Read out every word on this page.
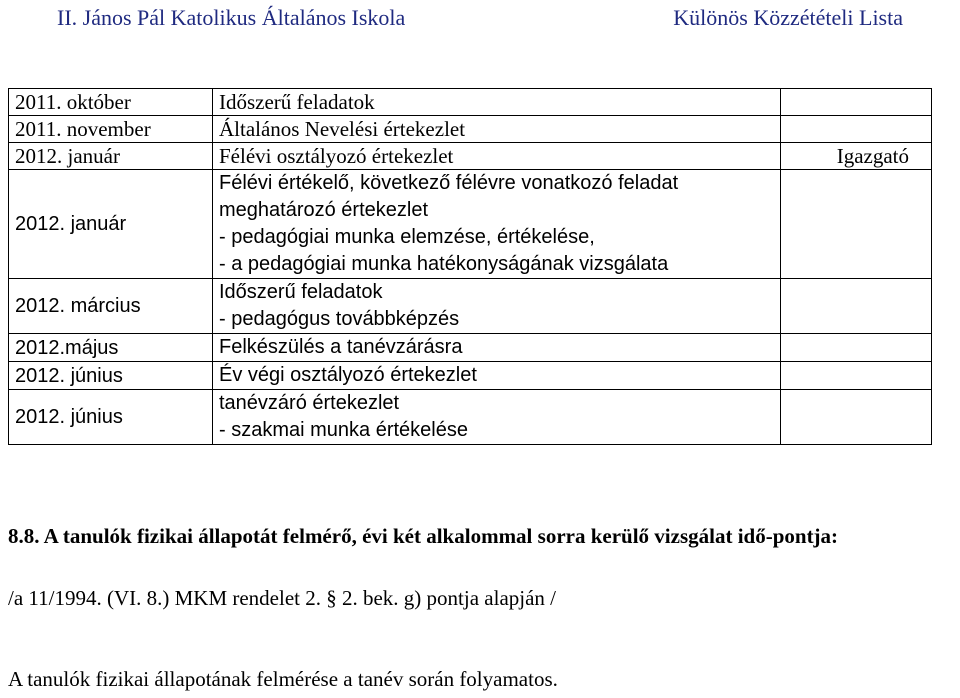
II. János Pál Katolikus Általános Iskola	Különös Közzétételi Lista
2011. október	Időszerű feladatok	

2011. november	Általános Nevelési értekezlet	

2012. január	Félévi osztályozó értekezlet	Igazgató
2012. január	Félévi értékelő, következő félévre vonatkozó feladat
meghatározó értekezlet
- pedagógiai munka elemzése, értékelése,
- a pedagógiai munka hatékonyságának vizsgálata	

2012. március	Időszerű feladatok
- pedagógus továbbképzés	

2012.május	Felkészülés a tanévzárásra	

2012. június	Év végi osztályozó értekezlet	

2012. június	tanévzáró értekezlet
- szakmai munka értékelése	

8.8. A tanulók fizikai állapotát felmérő, évi két alkalommal sorra kerülő vizsgálat idő-pontja:
/a 11/1994. (VI. 8.) MKM rendelet 2. § 2. bek. g) pontja alapján /
A tanulók fizikai állapotának felmérése a tanév során folyamatos.
